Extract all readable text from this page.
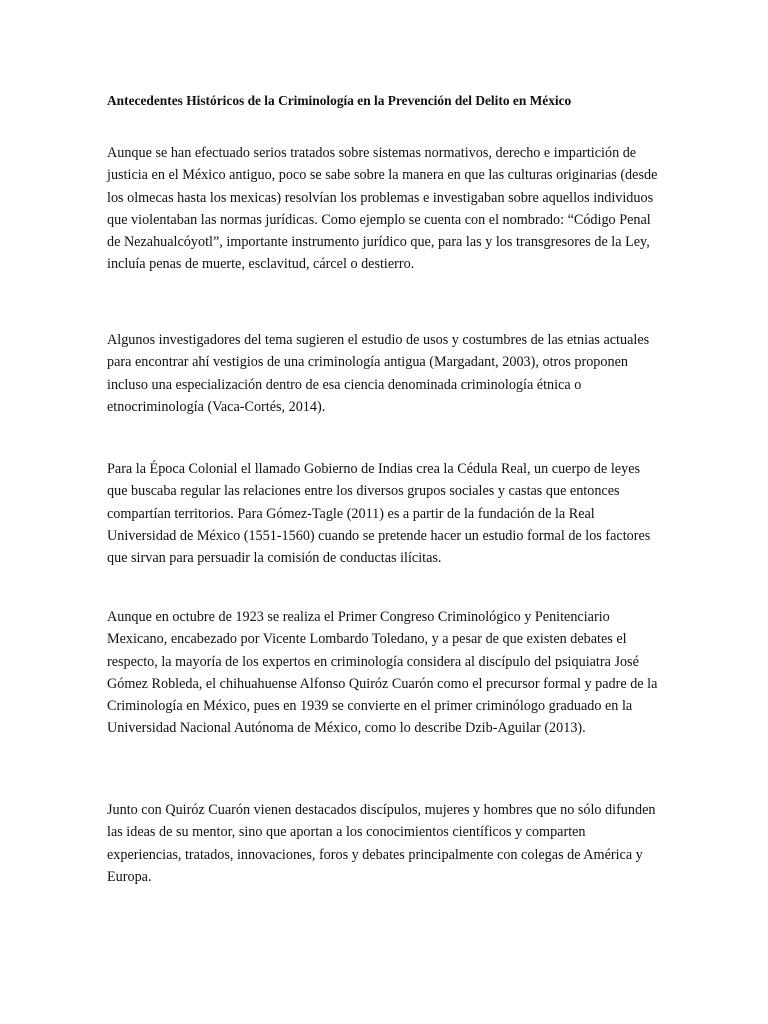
Antecedentes Históricos de la Criminología en la Prevención del Delito en México

Aunque se han efectuado serios tratados sobre sistemas normativos, derecho e impartición de justicia en el México antiguo, poco se sabe sobre la manera en que las culturas originarias (desde los olmecas hasta los mexicas) resolvían los problemas e investigaban sobre aquellos individuos que violentaban las normas jurídicas. Como ejemplo se cuenta con el nombrado: “Código Penal de Nezahualcóyotl”, importante instrumento jurídico que, para las y los transgresores de la Ley, incluía penas de muerte, esclavitud, cárcel o destierro.

Algunos investigadores del tema sugieren el estudio de usos y costumbres de las etnias actuales para encontrar ahí vestigios de una criminología antigua (Margadant, 2003), otros proponen incluso una especialización dentro de esa ciencia denominada criminología étnica o etnocriminología (Vaca-Cortés, 2014).

Para la Época Colonial el llamado Gobierno de Indias crea la Cédula Real, un cuerpo de leyes que buscaba regular las relaciones entre los diversos grupos sociales y castas que entonces compartían territorios. Para Gómez-Tagle (2011) es a partir de la fundación de la Real Universidad de México (1551-1560) cuando se pretende hacer un estudio formal de los factores que sirvan para persuadir la comisión de conductas ilícitas.

Aunque en octubre de 1923 se realiza el Primer Congreso Criminológico y Penitenciario Mexicano, encabezado por Vicente Lombardo Toledano, y a pesar de que existen debates el respecto, la mayoría de los expertos en criminología considera al discípulo del psiquiatra José Gómez Robleda, el chihuahuense Alfonso Quiróz Cuarón como el precursor formal y padre de la Criminología en México, pues en 1939 se convierte en el primer criminólogo graduado en la Universidad Nacional Autónoma de México, como lo describe Dzib-Aguilar (2013).

Junto con Quiróz Cuarón vienen destacados discípulos, mujeres y hombres que no sólo difunden las ideas de su mentor, sino que aportan a los conocimientos científicos y comparten experiencias, tratados, innovaciones, foros y debates principalmente con colegas de América y Europa.
